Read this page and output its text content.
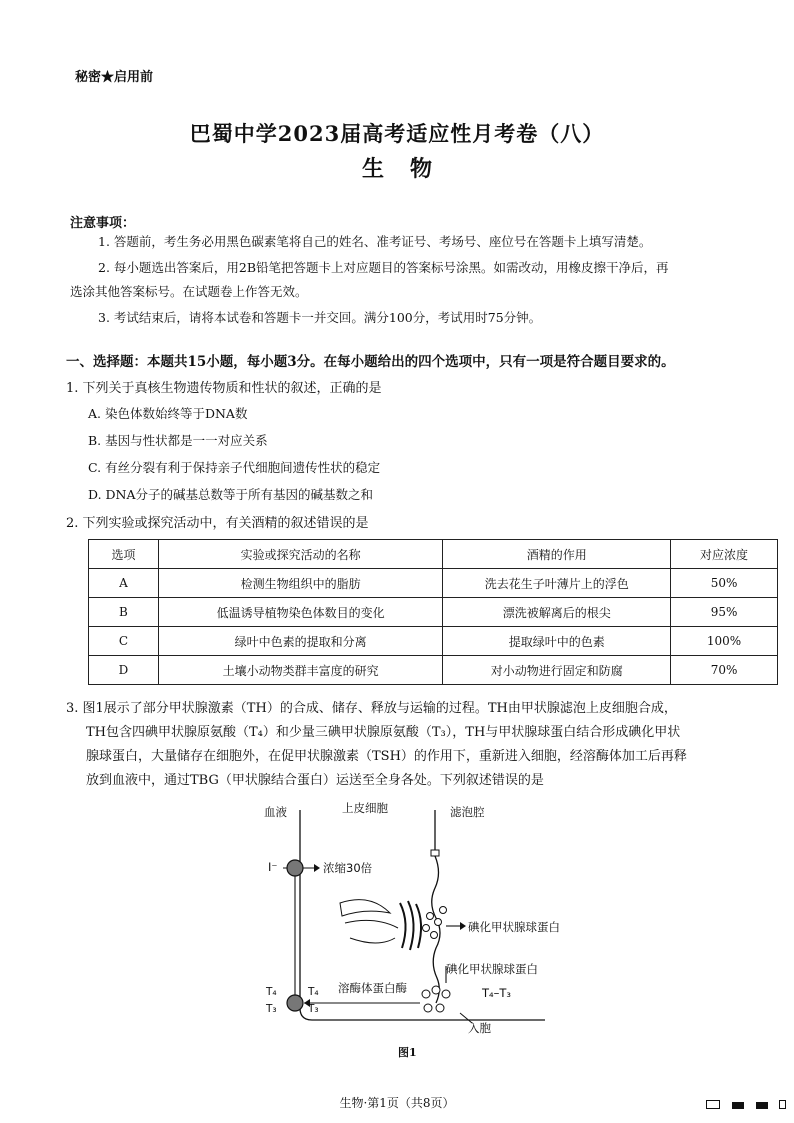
秘密★启用前
巴蜀中学2023届高考适应性月考卷（八）
生物
注意事项：

1. 答题前，考生务必用黑色碳素笔将自己的姓名、准考证号、考场号、座位号在答题卡上填写清楚。

2. 每小题选出答案后，用2B铅笔把答题卡上对应题目的答案标号涂黑。如需改动，用橡皮擦干净后，再

选涂其他答案标号。在试题卷上作答无效。

3. 考试结束后，请将本试卷和答题卡一并交回。满分100分，考试用时75分钟。

一、选择题：本题共15小题，每小题3分。在每小题给出的四个选项中，只有一项是符合题目要求的。
1. 下列关于真核生物遗传物质和性状的叙述，正确的是
A. 染色体数始终等于DNA数
B. 基因与性状都是一一对应关系
C. 有丝分裂有利于保持亲子代细胞间遗传性状的稳定
D. DNA分子的碱基总数等于所有基因的碱基数之和
2. 下列实验或探究活动中，有关酒精的叙述错误的是
选项	实验或探究活动的名称	酒精的作用	对应浓度
A	检测生物组织中的脂肪	洗去花生子叶薄片上的浮色	50%
B	低温诱导植物染色体数目的变化	漂洗被解离后的根尖	95%
C	绿叶中色素的提取和分离	提取绿叶中的色素	100%
D	土壤小动物类群丰富度的研究	对小动物进行固定和防腐	70%

3. 图1展示了部分甲状腺激素（TH）的合成、储存、释放与运输的过程。TH由甲状腺滤泡上皮细胞合成，

TH包含四碘甲状腺原氨酸（T₄）和少量三碘甲状腺原氨酸（T₃），TH与甲状腺球蛋白结合形成碘化甲状

腺球蛋白，大量储存在细胞外，在促甲状腺激素（TSH）的作用下，重新进入细胞，经溶酶体加工后再释

放到血液中，通过TBG（甲状腺结合蛋白）运送至全身各处。下列叙述错误的是

血液	上皮细胞	滤泡腔
I⁻	浓缩30倍
碘化甲状腺球蛋白
碘化甲状腺球蛋白
溶酶体蛋白酶	T₄–T₃
T₄
T₃
T₄
T₃
入胞
图1
生物·第1页（共8页）
